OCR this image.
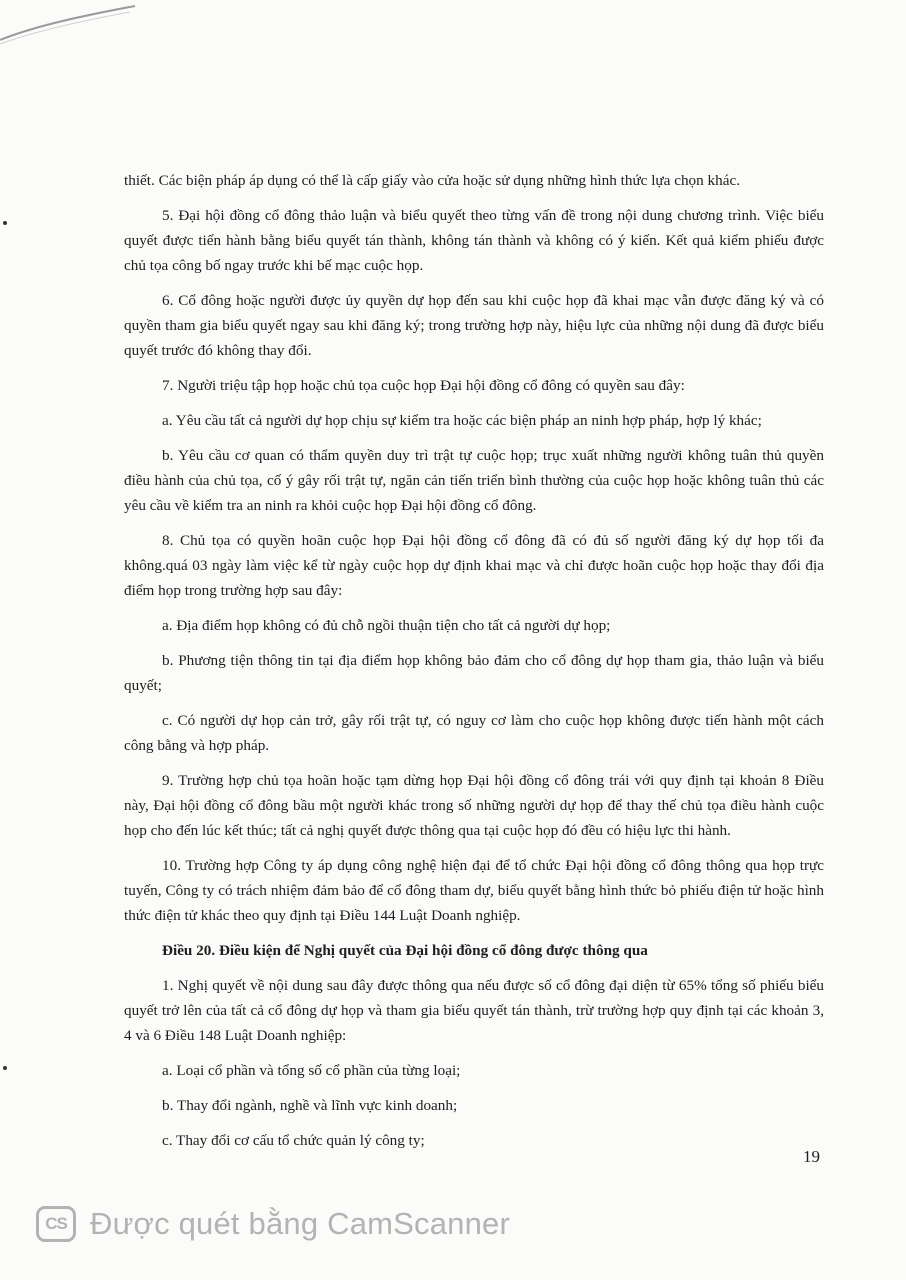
thiết. Các biện pháp áp dụng có thể là cấp giấy vào cửa hoặc sử dụng những hình thức lựa chọn khác.

5. Đại hội đồng cổ đông thảo luận và biểu quyết theo từng vấn đề trong nội dung chương trình. Việc biểu quyết được tiến hành bằng biểu quyết tán thành, không tán thành và không có ý kiến. Kết quả kiểm phiếu được chủ tọa công bố ngay trước khi bế mạc cuộc họp.

6. Cổ đông hoặc người được ủy quyền dự họp đến sau khi cuộc họp đã khai mạc vẫn được đăng ký và có quyền tham gia biểu quyết ngay sau khi đăng ký; trong trường hợp này, hiệu lực của những nội dung đã được biểu quyết trước đó không thay đổi.

7. Người triệu tập họp hoặc chủ tọa cuộc họp Đại hội đồng cổ đông có quyền sau đây:

a. Yêu cầu tất cả người dự họp chịu sự kiểm tra hoặc các biện pháp an ninh hợp pháp, hợp lý khác;

b. Yêu cầu cơ quan có thẩm quyền duy trì trật tự cuộc họp; trục xuất những người không tuân thủ quyền điều hành của chủ tọa, cố ý gây rối trật tự, ngăn cản tiến triển bình thường của cuộc họp hoặc không tuân thủ các yêu cầu về kiểm tra an ninh ra khỏi cuộc họp Đại hội đồng cổ đông.

8. Chủ tọa có quyền hoãn cuộc họp Đại hội đồng cổ đông đã có đủ số người đăng ký dự họp tối đa không.quá 03 ngày làm việc kể từ ngày cuộc họp dự định khai mạc và chỉ được hoãn cuộc họp hoặc thay đổi địa điểm họp trong trường hợp sau đây:

a. Địa điểm họp không có đủ chỗ ngồi thuận tiện cho tất cả người dự họp;

b. Phương tiện thông tin tại địa điểm họp không bảo đảm cho cổ đông dự họp tham gia, thảo luận và biểu quyết;

c. Có người dự họp cản trở, gây rối trật tự, có nguy cơ làm cho cuộc họp không được tiến hành một cách công bằng và hợp pháp.

9. Trường hợp chủ tọa hoãn hoặc tạm dừng họp Đại hội đồng cổ đông trái với quy định tại khoản 8 Điều này, Đại hội đồng cổ đông bầu một người khác trong số những người dự họp để thay thế chủ tọa điều hành cuộc họp cho đến lúc kết thúc; tất cả nghị quyết được thông qua tại cuộc họp đó đều có hiệu lực thi hành.

10. Trường hợp Công ty áp dụng công nghệ hiện đại để tổ chức Đại hội đồng cổ đông thông qua họp trực tuyến, Công ty có trách nhiệm đảm bảo để cổ đông tham dự, biểu quyết bằng hình thức bỏ phiếu điện tử hoặc hình thức điện tử khác theo quy định tại Điều 144 Luật Doanh nghiệp.

Điều 20. Điều kiện để Nghị quyết của Đại hội đồng cổ đông được thông qua

1. Nghị quyết về nội dung sau đây được thông qua nếu được số cổ đông đại diện từ 65% tổng số phiếu biểu quyết trở lên của tất cả cổ đông dự họp và tham gia biểu quyết tán thành, trừ trường hợp quy định tại các khoản 3, 4 và 6 Điều 148 Luật Doanh nghiệp:

a. Loại cổ phần và tổng số cổ phần của từng loại;

b. Thay đổi ngành, nghề và lĩnh vực kinh doanh;

c. Thay đổi cơ cấu tổ chức quản lý công ty;

19
CS Được quét bằng CamScanner
